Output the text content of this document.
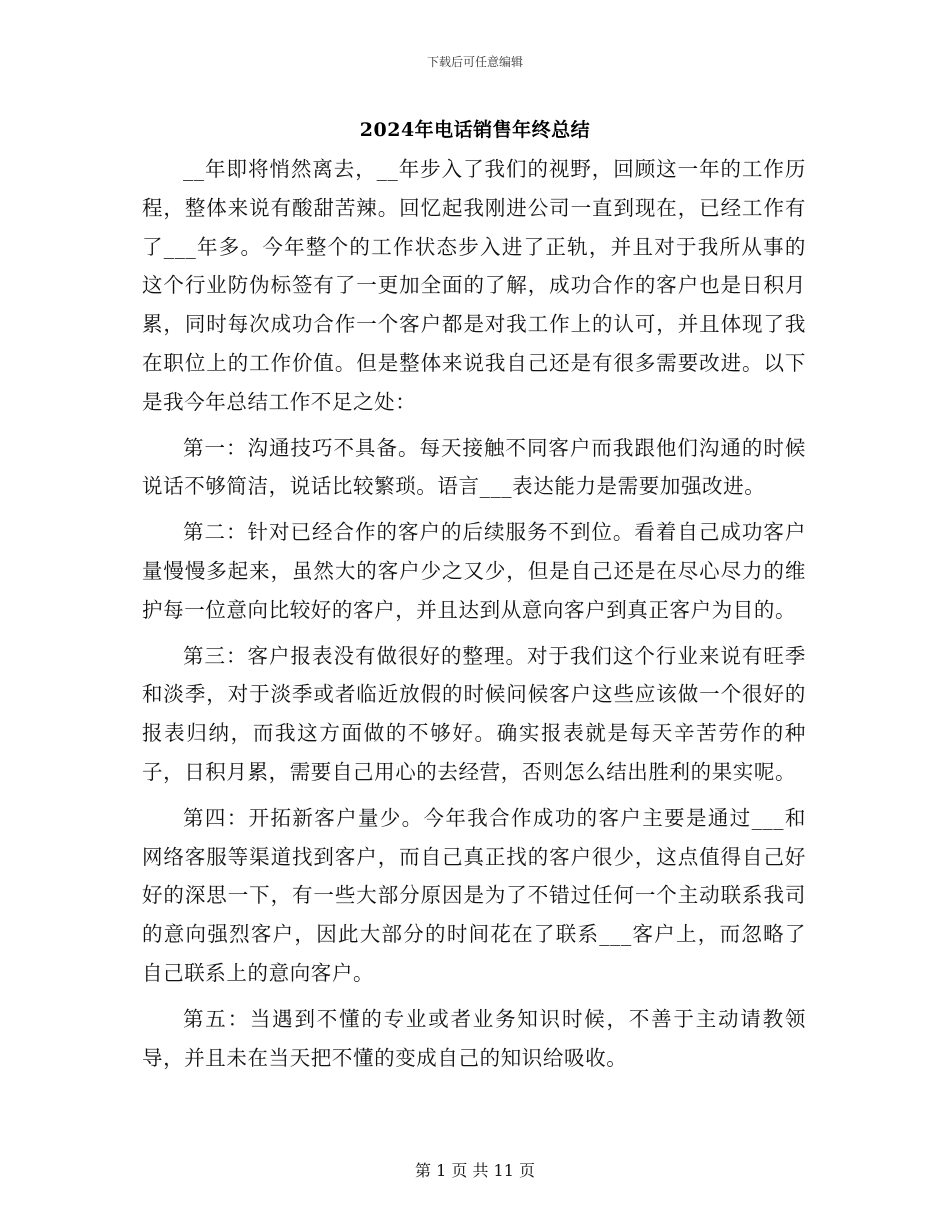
下载后可任意编辑
2024年电话销售年终总结

__年即将悄然离去，__年步入了我们的视野，回顾这一年的工作历程，整体来说有酸甜苦辣。回忆起我刚进公司一直到现在，已经工作有了___年多。今年整个的工作状态步入进了正轨，并且对于我所从事的这个行业防伪标签有了一更加全面的了解，成功合作的客户也是日积月累，同时每次成功合作一个客户都是对我工作上的认可，并且体现了我在职位上的工作价值。但是整体来说我自己还是有很多需要改进。以下是我今年总结工作不足之处：

第一：沟通技巧不具备。每天接触不同客户而我跟他们沟通的时候说话不够简洁，说话比较繁琐。语言___表达能力是需要加强改进。

第二：针对已经合作的客户的后续服务不到位。看着自己成功客户量慢慢多起来，虽然大的客户少之又少，但是自己还是在尽心尽力的维护每一位意向比较好的客户，并且达到从意向客户到真正客户为目的。

第三：客户报表没有做很好的整理。对于我们这个行业来说有旺季和淡季，对于淡季或者临近放假的时候问候客户这些应该做一个很好的报表归纳，而我这方面做的不够好。确实报表就是每天辛苦劳作的种子，日积月累，需要自己用心的去经营，否则怎么结出胜利的果实呢。

第四：开拓新客户量少。今年我合作成功的客户主要是通过___和网络客服等渠道找到客户，而自己真正找的客户很少，这点值得自己好好的深思一下，有一些大部分原因是为了不错过任何一个主动联系我司的意向强烈客户，因此大部分的时间花在了联系___客户上，而忽略了自己联系上的意向客户。

第五：当遇到不懂的专业或者业务知识时候，不善于主动请教领导，并且未在当天把不懂的变成自己的知识给吸收。

第 1 页 共 11 页
